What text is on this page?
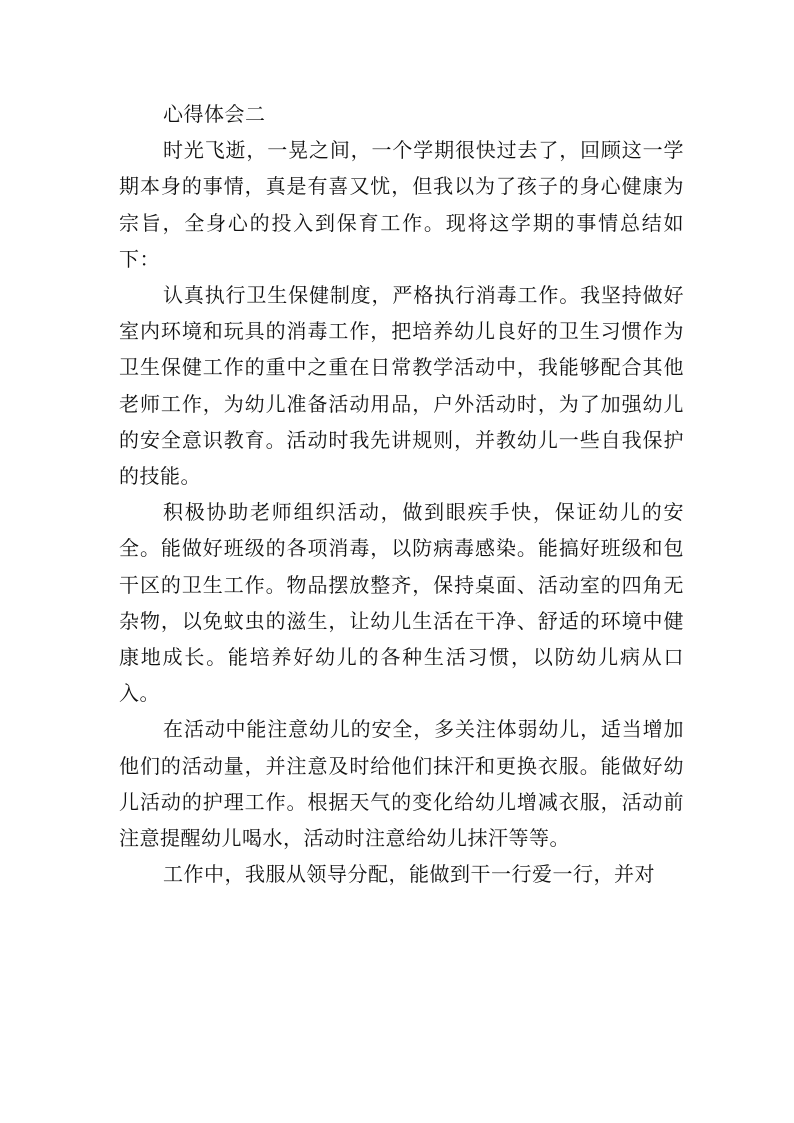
心得体会二

时光飞逝，一晃之间，一个学期很快过去了，回顾这一学期本身的事情，真是有喜又忧，但我以为了孩子的身心健康为宗旨，全身心的投入到保育工作。现将这学期的事情总结如下：

认真执行卫生保健制度，严格执行消毒工作。我坚持做好室内环境和玩具的消毒工作，把培养幼儿良好的卫生习惯作为卫生保健工作的重中之重在日常教学活动中，我能够配合其他老师工作，为幼儿准备活动用品，户外活动时，为了加强幼儿的安全意识教育。活动时我先讲规则，并教幼儿一些自我保护的技能。

积极协助老师组织活动，做到眼疾手快，保证幼儿的安全。能做好班级的各项消毒，以防病毒感染。能搞好班级和包干区的卫生工作。物品摆放整齐，保持桌面、活动室的四角无杂物，以免蚊虫的滋生，让幼儿生活在干净、舒适的环境中健康地成长。能培养好幼儿的各种生活习惯，以防幼儿病从口入。

在活动中能注意幼儿的安全，多关注体弱幼儿，适当增加他们的活动量，并注意及时给他们抹汗和更换衣服。能做好幼儿活动的护理工作。根据天气的变化给幼儿增减衣服，活动前注意提醒幼儿喝水，活动时注意给幼儿抹汗等等。

工作中，我服从领导分配，能做到干一行爱一行，并对
